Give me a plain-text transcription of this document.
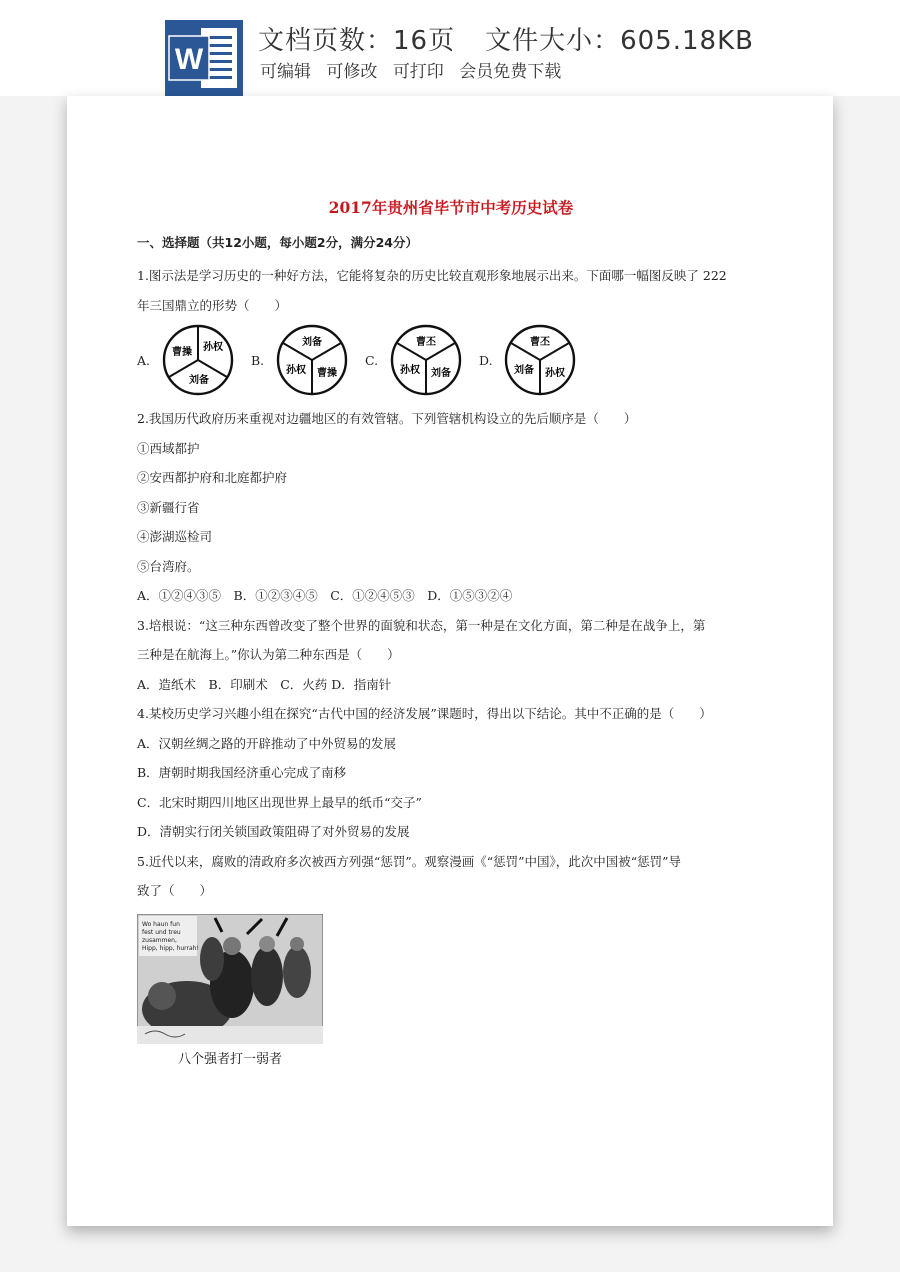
W
文档页数：16页 文件大小：605.18KB
可编辑 可修改 可打印 会员免费下载
2017年贵州省毕节市中考历史试卷
一、选择题（共12小题，每小题2分，满分24分）

1.图示法是学习历史的一种好方法，它能将复杂的历史比较直观形象地展示出来。下面哪一幅图反映了 222

年三国鼎立的形势（　　）

A.
孙权
刘备
曹操	B.
刘备
曹操
孙权
C.
曹丕
刘备
孙权
D.
曹丕
孙权
刘备

2.我国历代政府历来重视对边疆地区的有效管辖。下列管辖机构设立的先后顺序是（　　）

①西域都护

②安西都护府和北庭都护府

③新疆行省

④澎湖巡检司

⑤台湾府。

A．①②④③⑤　B．①②③④⑤　C．①②④⑤③　D．①⑤③②④

3.培根说：“这三种东西曾改变了整个世界的面貌和状态，第一种是在文化方面，第二种是在战争上，第

三种是在航海上。”你认为第二种东西是（　　）

A．造纸术　B．印刷术　C．火药 D．指南针

4.某校历史学习兴趣小组在探究“古代中国的经济发展”课题时，得出以下结论。其中不正确的是（　　）

A．汉朝丝绸之路的开辟推动了中外贸易的发展

B．唐朝时期我国经济重心完成了南移

C．北宋时期四川地区出现世界上最早的纸币“交子”

D．清朝实行闭关锁国政策阻碍了对外贸易的发展

5.近代以来，腐败的清政府多次被西方列强“惩罚”。观察漫画《“惩罚”中国》，此次中国被“惩罚”导

致了（　　）

Wo haun fun
fest und treu
zusammen,
Hipp, hipp, hurrah!
八个强者打一弱者
